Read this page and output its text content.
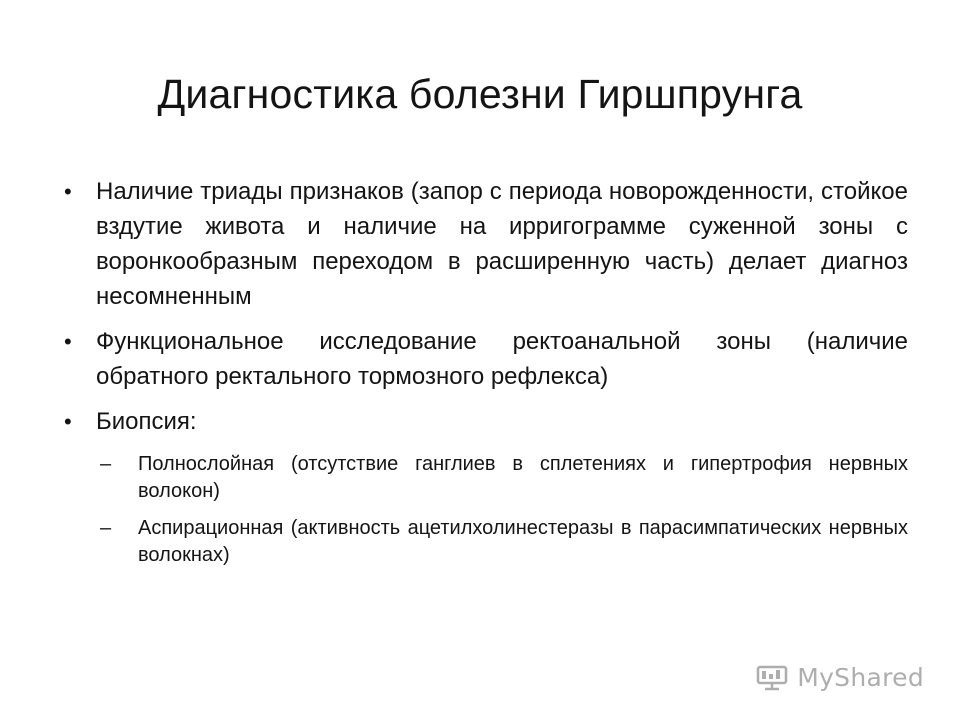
Диагностика болезни Гиршпрунга
• Наличие триады признаков (запор с периода новорожденности, стойкое вздутие живота и наличие на ирригограмме суженной зоны с воронкообразным переходом в расширенную часть) делает диагноз несомненным
• Функциональное исследование ректоанальной зоны (наличие обратного ректального тормозного рефлекса)
• Биопсия:
– Полнослойная (отсутствие ганглиев в сплетениях и гипертрофия нервных волокон)
– Аспирационная (активность ацетилхолинестеразы в парасимпатических нервных волокнах)
MyShared
